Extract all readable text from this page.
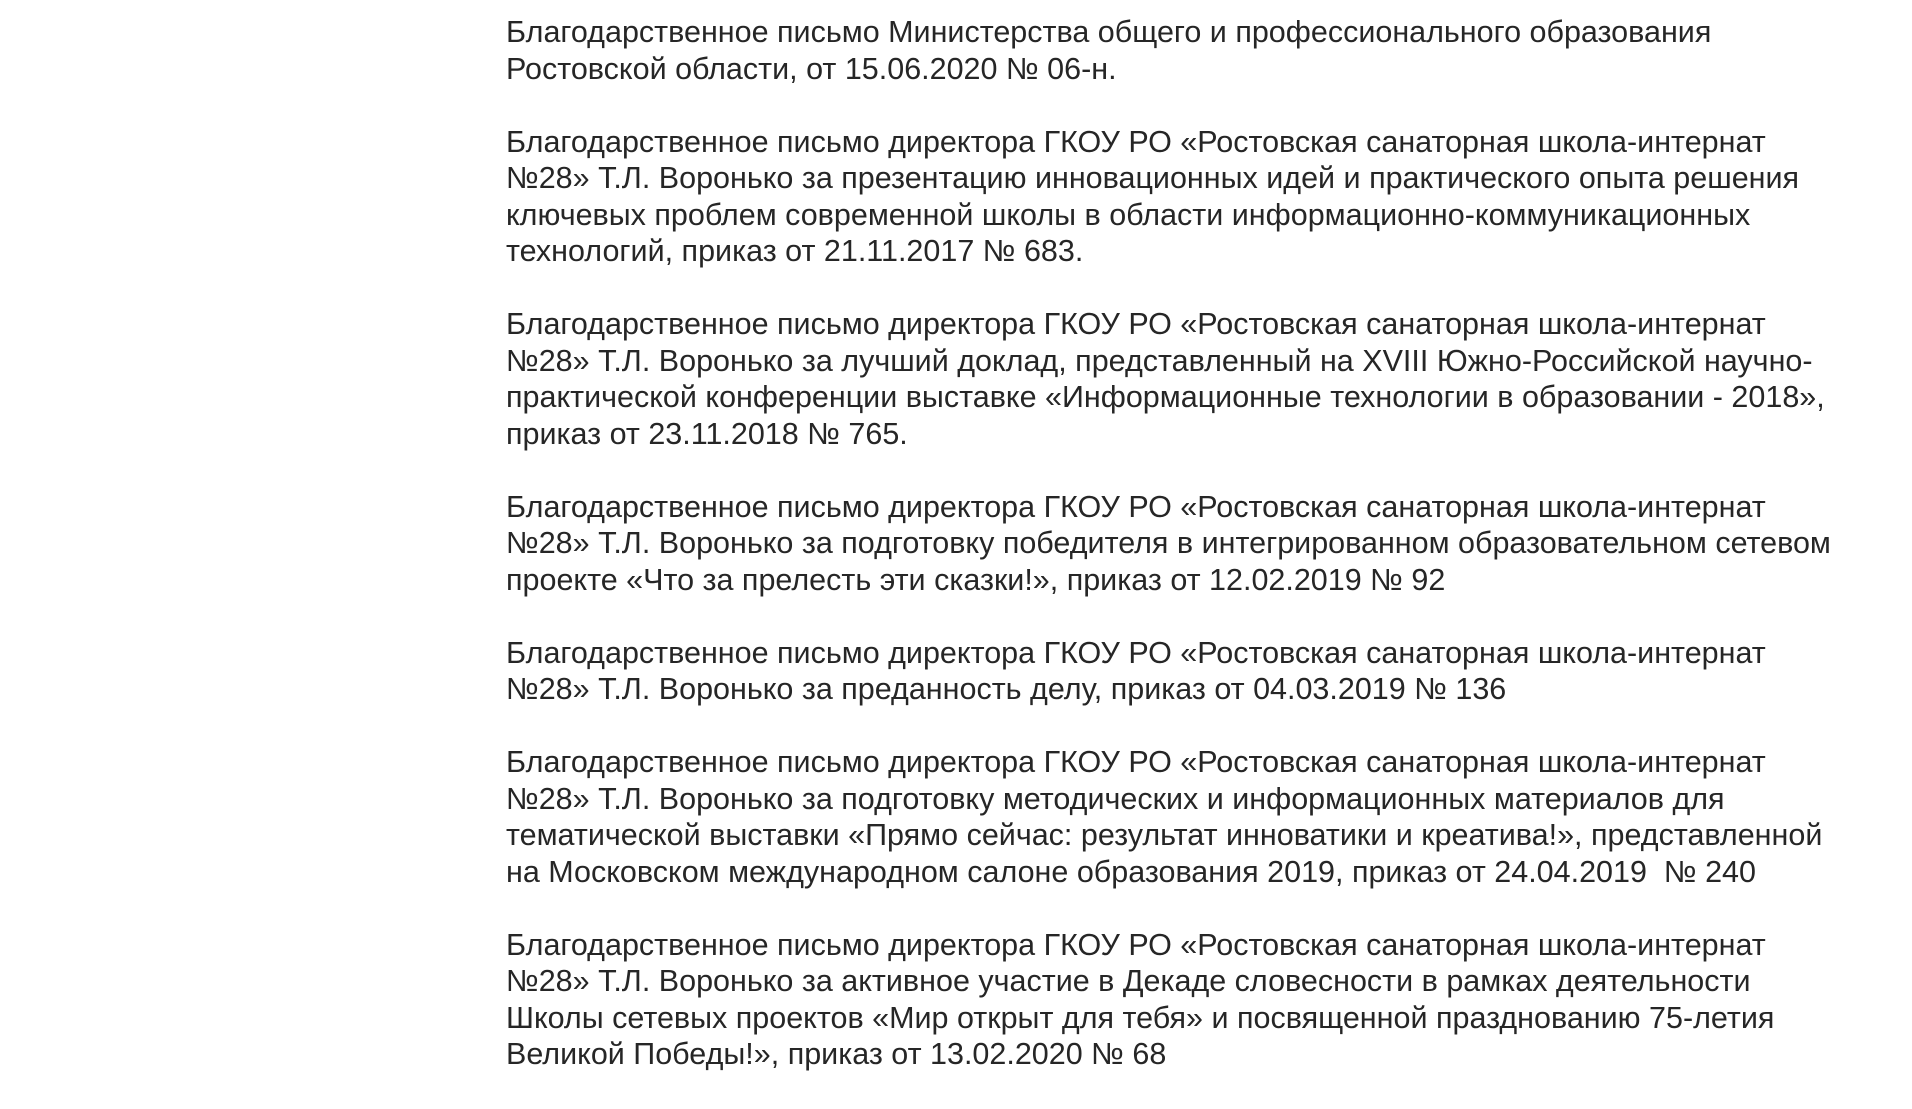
Благодарственное письмо Министерства общего и профессионального образования
Ростовской области, от 15.06.2020 № 06-н.

Благодарственное письмо директора ГКОУ РО «Ростовская санаторная школа-интернат
№28» Т.Л. Воронько за презентацию инновационных идей и практического опыта решения
ключевых проблем современной школы в области информационно-коммуникационных
технологий, приказ от 21.11.2017 № 683.

Благодарственное письмо директора ГКОУ РО «Ростовская санаторная школа-интернат
№28» Т.Л. Воронько за лучший доклад, представленный на XVIII Южно-Российской научно-
практической конференции выставке «Информационные технологии в образовании - 2018»,
приказ от 23.11.2018 № 765.

Благодарственное письмо директора ГКОУ РО «Ростовская санаторная школа-интернат
№28» Т.Л. Воронько за подготовку победителя в интегрированном образовательном сетевом
проекте «Что за прелесть эти сказки!», приказ от 12.02.2019 № 92

Благодарственное письмо директора ГКОУ РО «Ростовская санаторная школа-интернат
№28» Т.Л. Воронько за преданность делу, приказ от 04.03.2019 № 136

Благодарственное письмо директора ГКОУ РО «Ростовская санаторная школа-интернат
№28» Т.Л. Воронько за подготовку методических и информационных материалов для
тематической выставки «Прямо сейчас: результат инноватики и креатива!», представленной
на Московском международном салоне образования 2019, приказ от 24.04.2019  № 240

Благодарственное письмо директора ГКОУ РО «Ростовская санаторная школа-интернат
№28» Т.Л. Воронько за активное участие в Декаде словесности в рамках деятельности
Школы сетевых проектов «Мир открыт для тебя» и посвященной празднованию 75-летия
Великой Победы!», приказ от 13.02.2020 № 68
